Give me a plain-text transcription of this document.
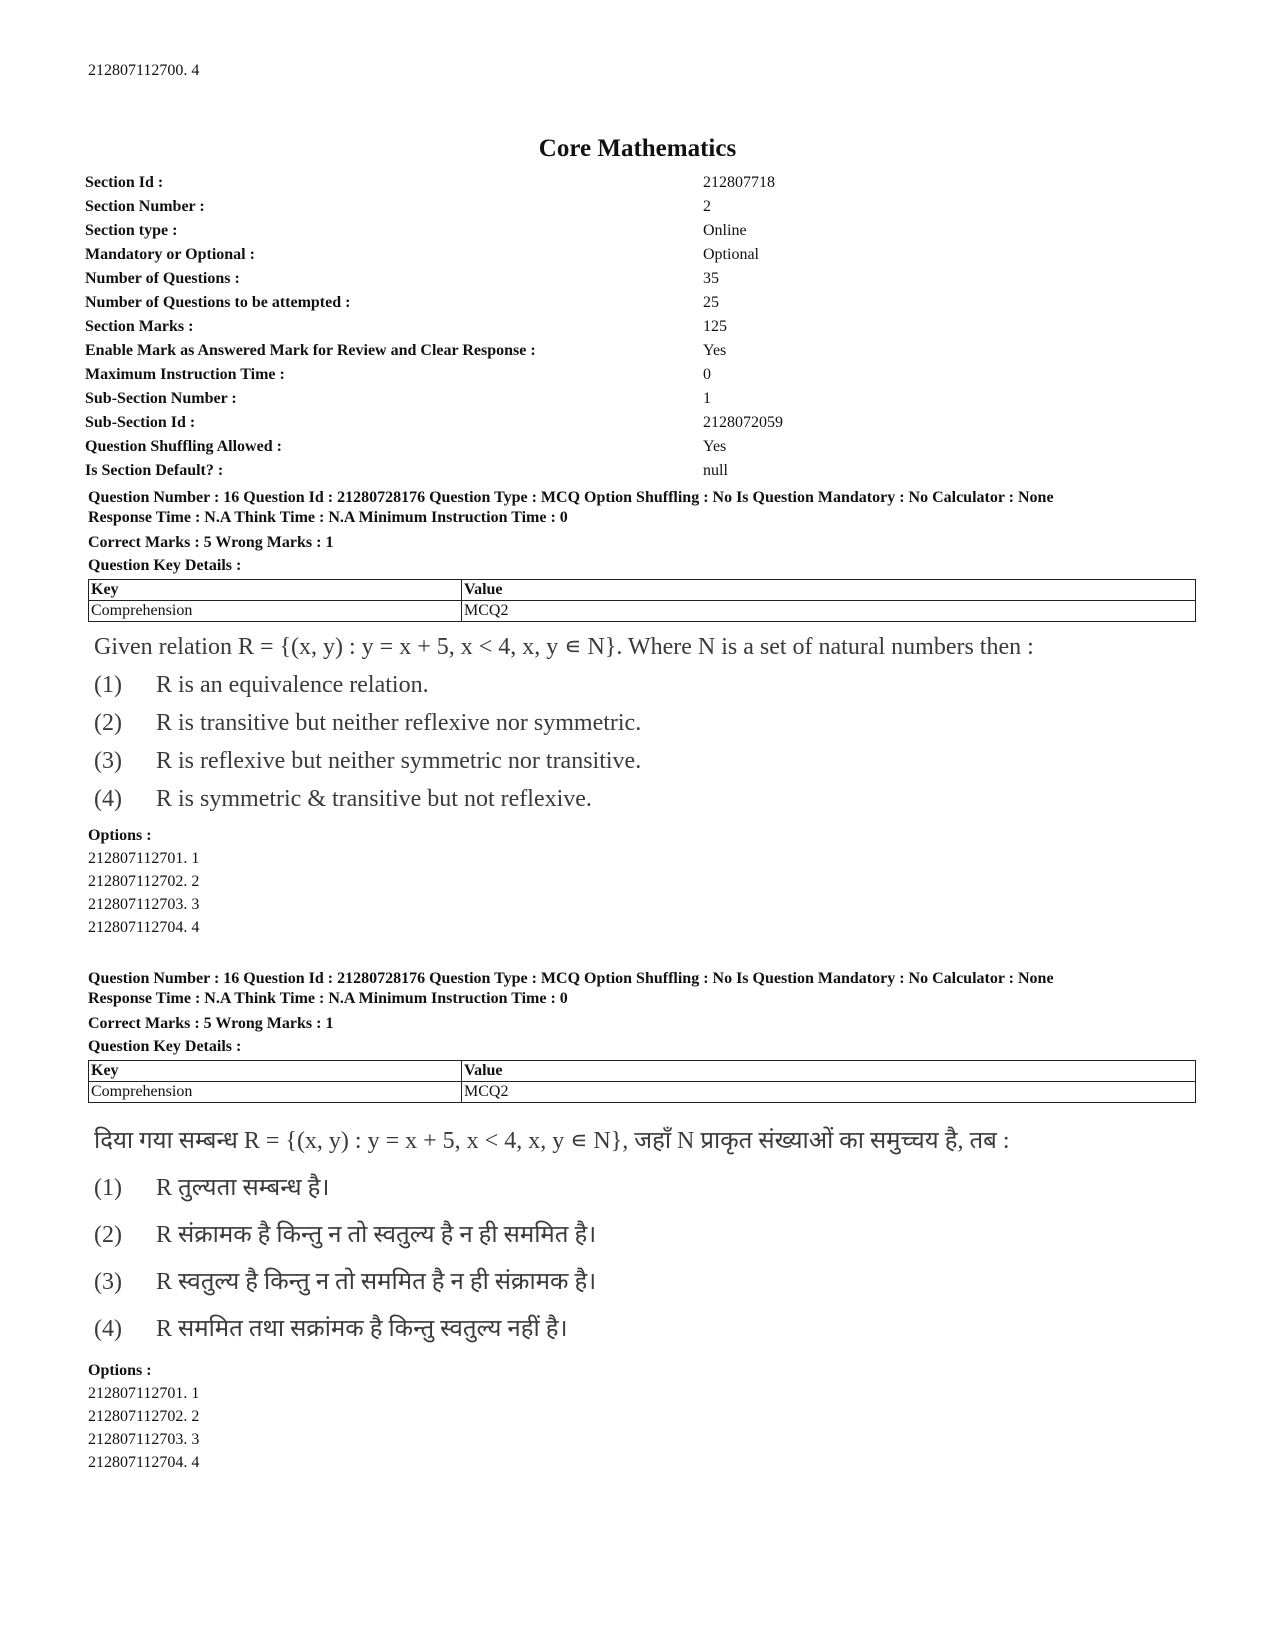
212807112700. 4
Core Mathematics
Section Id :	212807718
Section Number :	2
Section type :	Online
Mandatory or Optional :	Optional
Number of Questions :	35
Number of Questions to be attempted :	25
Section Marks :	125
Enable Mark as Answered Mark for Review and Clear Response :	Yes
Maximum Instruction Time :	0
Sub-Section Number :	1
Sub-Section Id :	2128072059
Question Shuffling Allowed :	Yes
Is Section Default? :	null
Question Number : 16 Question Id : 21280728176 Question Type : MCQ Option Shuffling : No Is Question Mandatory : No Calculator : None
Response Time : N.A Think Time : N.A Minimum Instruction Time : 0
Correct Marks : 5 Wrong Marks : 1
Question Key Details :
Key	Value
Comprehension	MCQ2
Given relation R = {(x, y) : y = x + 5, x < 4, x, y ∊ N}. Where N is a set of natural numbers then :
(1) R is an equivalence relation.
(2) R is transitive but neither reflexive nor symmetric.
(3) R is reflexive but neither symmetric nor transitive.
(4) R is symmetric & transitive but not reflexive.
Options :
212807112701. 1
212807112702. 2
212807112703. 3
212807112704. 4
Question Number : 16 Question Id : 21280728176 Question Type : MCQ Option Shuffling : No Is Question Mandatory : No Calculator : None
Response Time : N.A Think Time : N.A Minimum Instruction Time : 0
Correct Marks : 5 Wrong Marks : 1
Question Key Details :
Key	Value
Comprehension	MCQ2
दिया गया सम्बन्ध R = {(x, y) : y = x + 5, x < 4, x, y ∊ N}, जहाँ N प्राकृत संख्याओं का समुच्चय है, तब :
(1) R तुल्यता सम्बन्ध है।
(2) R संक्रामक है किन्तु न तो स्वतुल्य है न ही सममित है।
(3) R स्वतुल्य है किन्तु न तो सममित है न ही संक्रामक है।
(4) R सममित तथा सक्रांमक है किन्तु स्वतुल्य नहीं है।
Options :
212807112701. 1
212807112702. 2
212807112703. 3
212807112704. 4
